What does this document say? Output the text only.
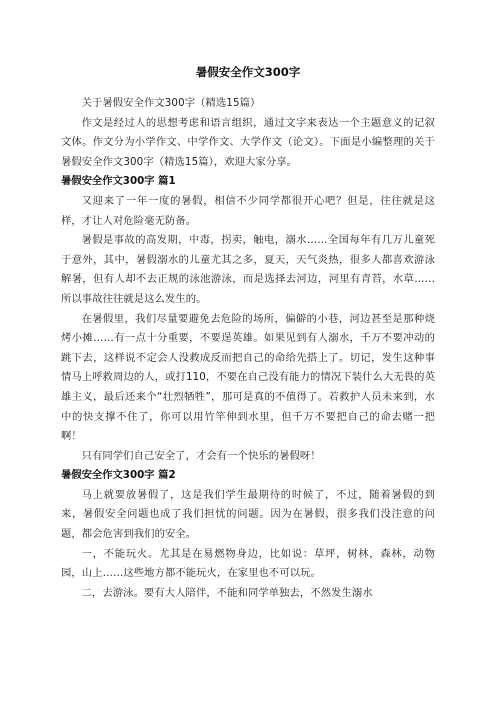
暑假安全作文300字

关于暑假安全作文300字（精选15篇）

作文是经过人的思想考虑和语言组织，通过文字来表达一个主题意义的记叙文体。作文分为小学作文、中学作文、大学作文（论文）。下面是小编整理的关于暑假安全作文300字（精选15篇），欢迎大家分享。

暑假安全作文300字 篇1

又迎来了一年一度的暑假，相信不少同学都很开心吧？但是，往往就是这样，才让人对危险毫无防备。

暑假是事故的高发期，中毒，拐卖，触电，溺水……全国每年有几万儿童死于意外，其中，暑假溺水的儿童尤其之多，夏天，天气炎热，很多人都喜欢游泳解暑，但有人却不去正规的泳池游泳，而是选择去河边，河里有青苔，水草……所以事故往往就是这么发生的。

在暑假里，我们尽量要避免去危险的场所，偏僻的小巷，河边甚至是那种烧烤小摊……有一点十分重要，不要逞英雄。如果见到有人溺水，千万不要冲动的跳下去，这样说不定会人没救成反而把自己的命给先搭上了。切记，发生这种事情马上呼救周边的人，或打110，不要在自己没有能力的情况下装什么大无畏的英雄主义，最后还来个“壮烈牺牲”，那可是真的不值得了。若救护人员未来到，水中的快支撑不住了，你可以用竹竿伸到水里，但千万不要把自己的命去赌一把啊！

只有同学们自己安全了，才会有一个快乐的暑假呀！

暑假安全作文300字 篇2

马上就要放暑假了，这是我们学生最期待的时候了，不过，随着暑假的到来，暑假安全问题也成了我们担忧的问题。因为在暑假，很多我们没注意的问题，都会危害到我们的安全。

一，不能玩火。尤其是在易燃物身边，比如说：草坪，树林，森林，动物园，山上……这些地方都不能玩火，在家里也不可以玩。

二，去游泳。要有大人陪伴，不能和同学单独去，不然发生溺水
